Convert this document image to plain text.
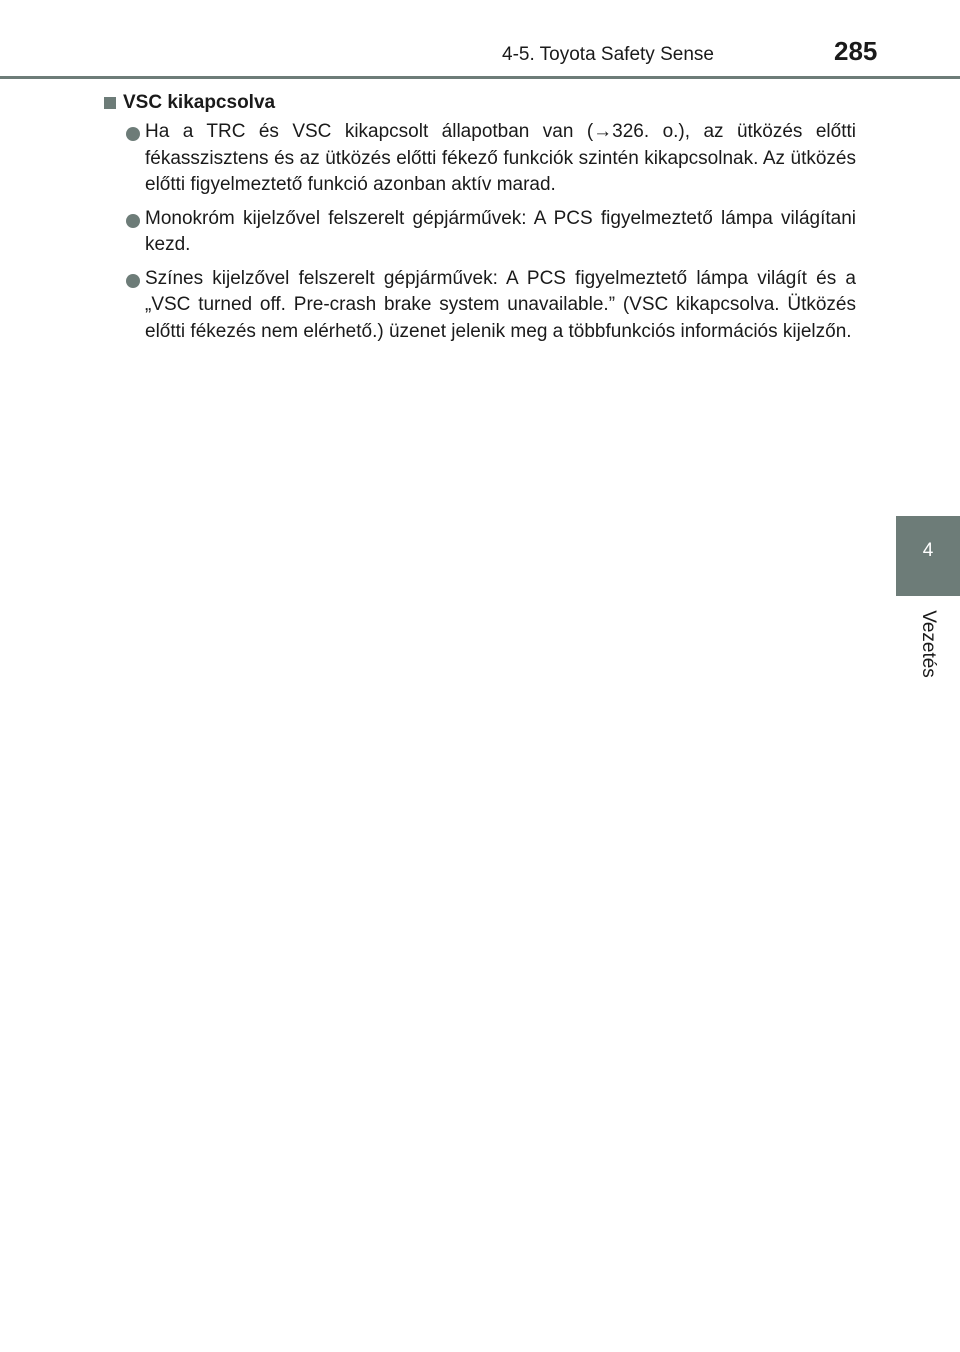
4-5. Toyota Safety Sense	285
4
Vezetés
VSC kikapcsolva
Ha a TRC és VSC kikapcsolt állapotban van (→326. o.), az ütközés előtti fékasszisztens és az ütközés előtti fékező funkciók szintén kikapcsolnak. Az ütközés előtti figyelmeztető funkció azonban aktív marad.
Monokróm kijelzővel felszerelt gépjárművek: A PCS figyelmeztető lámpa világítani kezd.
Színes kijelzővel felszerelt gépjárművek: A PCS figyelmeztető lámpa világít és a „VSC turned off. Pre-crash brake system unavailable.” (VSC kikapcsolva. Ütközés előtti fékezés nem elérhető.) üzenet jelenik meg a többfunkciós információs kijelzőn.
